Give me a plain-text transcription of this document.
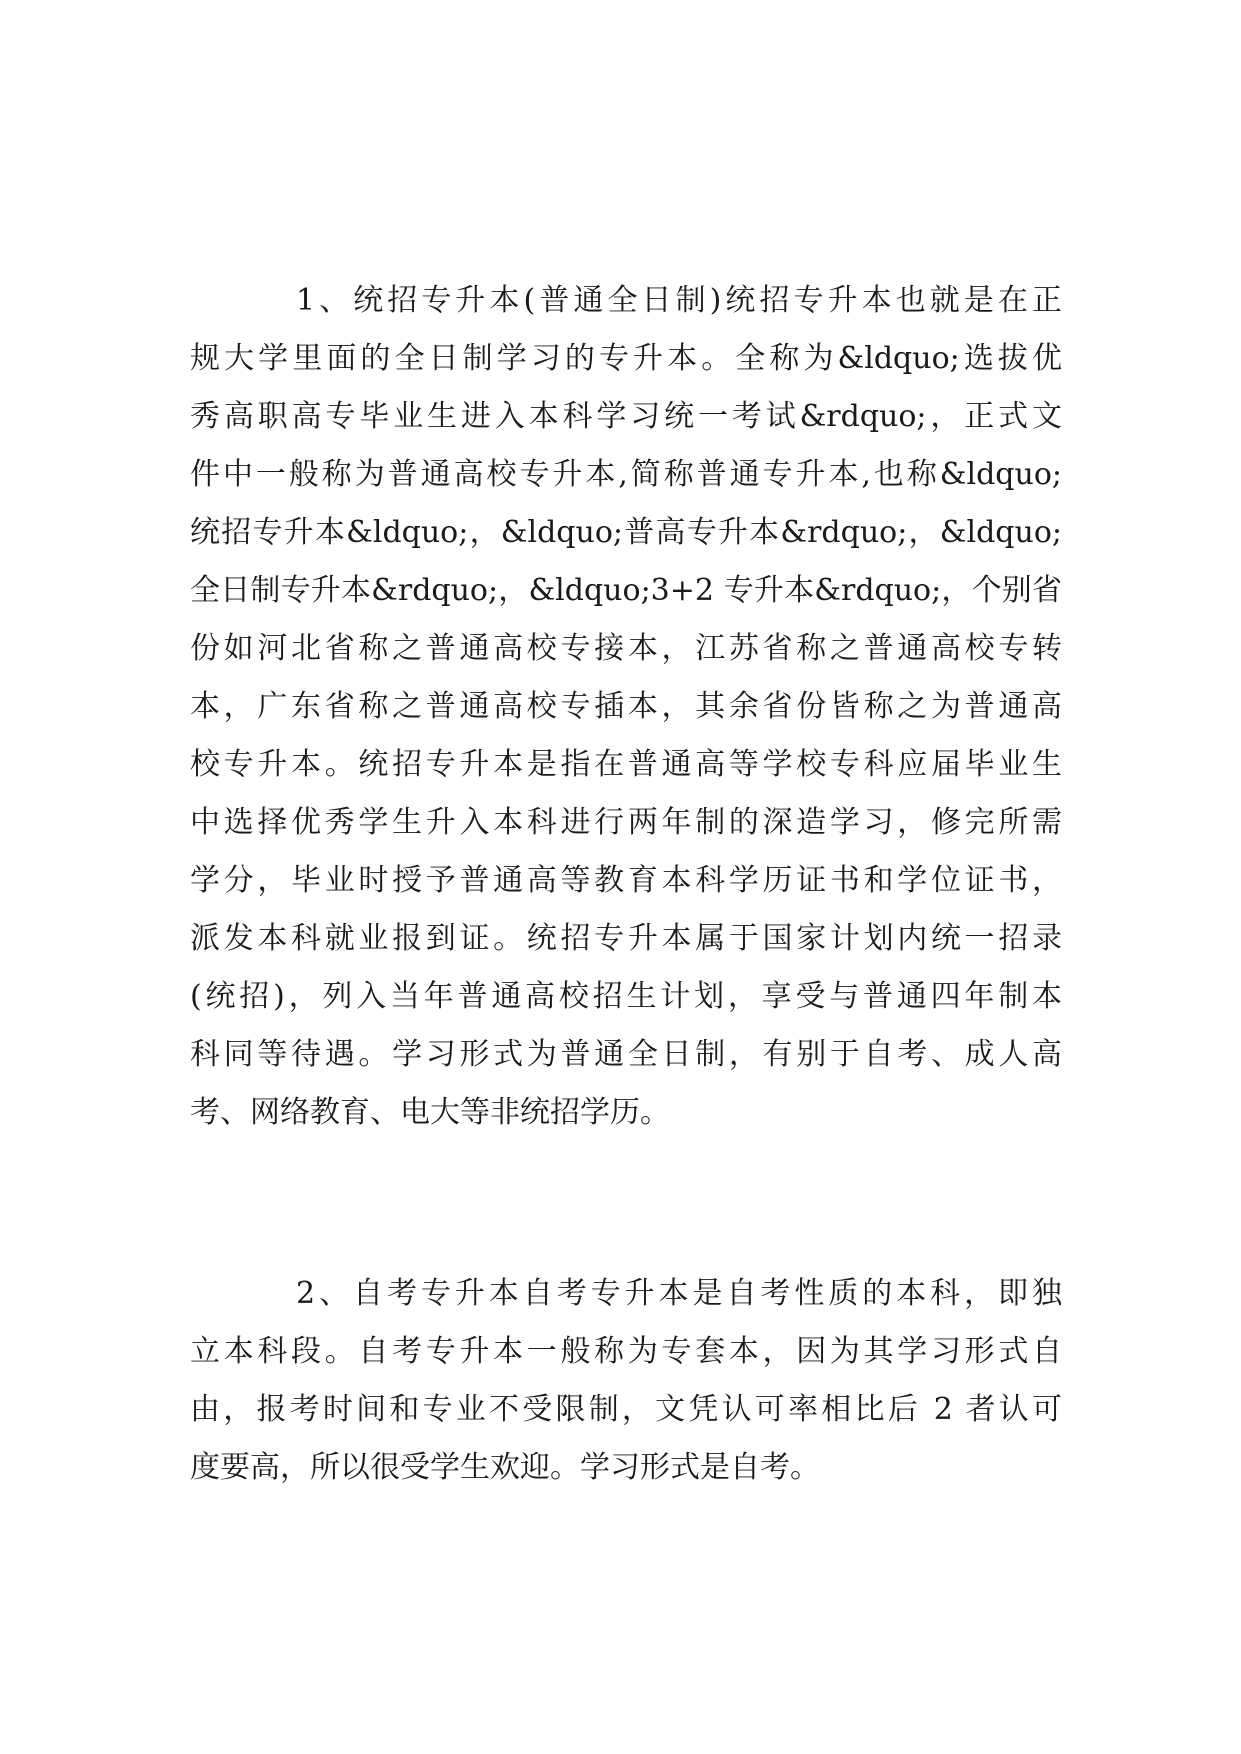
1、统招专升本(普通全日制)统招专升本也就是在正
规大学里面的全日制学习的专升本。全称为&ldquo;选拔优
秀高职高专毕业生进入本科学习统一考试&rdquo;，正式文
件中一般称为普通高校专升本,简称普通专升本,也称&ldquo;
统招专升本&ldquo;，&ldquo;普高专升本&rdquo;，&ldquo;
全日制专升本&rdquo;，&ldquo;3+2 专升本&rdquo;，个别省
份如河北省称之普通高校专接本，江苏省称之普通高校专转
本，广东省称之普通高校专插本，其余省份皆称之为普通高
校专升本。统招专升本是指在普通高等学校专科应届毕业生
中选择优秀学生升入本科进行两年制的深造学习，修完所需
学分，毕业时授予普通高等教育本科学历证书和学位证书，
派发本科就业报到证。统招专升本属于国家计划内统一招录
(统招)，列入当年普通高校招生计划，享受与普通四年制本
科同等待遇。学习形式为普通全日制，有别于自考、成人高
考、网络教育、电大等非统招学历。
2、自考专升本自考专升本是自考性质的本科，即独
立本科段。自考专升本一般称为专套本，因为其学习形式自
由，报考时间和专业不受限制，文凭认可率相比后 2 者认可
度要高，所以很受学生欢迎。学习形式是自考。
